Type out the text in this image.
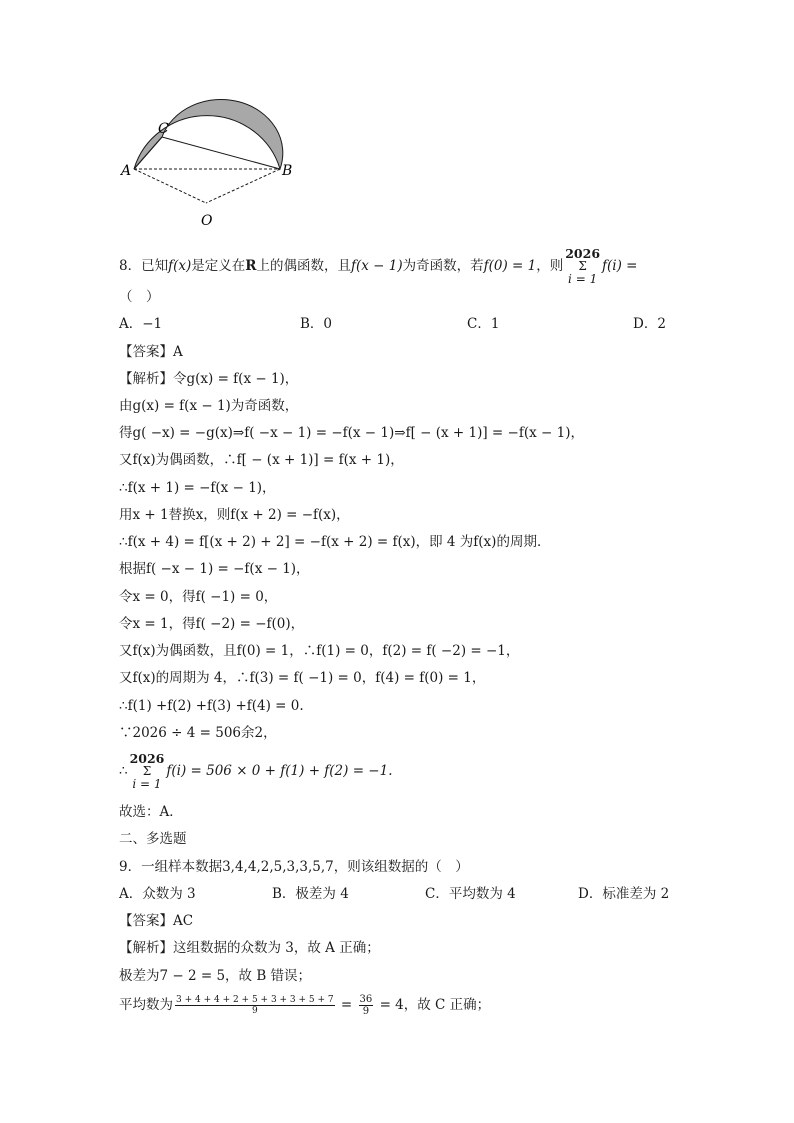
A	B
C
O
8．已知f(x)是定义在R上的偶函数，且f(x − 1)为奇函数，若f(0) = 1，则
2026
Σ
i = 1
f(i) =
（　）
A．−1	B．0	C．1	D．2
【答案】A
【解析】令g(x) = f(x − 1)，
由g(x) = f(x − 1)为奇函数，
得g( −x) = −g(x)⇒f( −x − 1) = −f(x − 1)⇒f[ − (x + 1)] = −f(x − 1)，
又f(x)为偶函数，∴f[ − (x + 1)] = f(x + 1)，
∴f(x + 1) = −f(x − 1)，
用x + 1替换x，则f(x + 2) = −f(x)，
∴f(x + 4) = f[(x + 2) + 2] = −f(x + 2) = f(x)，即 4 为f(x)的周期．
根据f( −x − 1) = −f(x − 1)，
令x = 0，得f( −1) = 0，
令x = 1，得f( −2) = −f(0)，
又f(x)为偶函数，且f(0) = 1，∴f(1) = 0，f(2) = f( −2) = −1，
又f(x)的周期为 4，∴f(3) = f( −1) = 0，f(4) = f(0) = 1，
∴f(1) +f(2) +f(3) +f(4) = 0.
∵2026 ÷ 4 = 506余2，
∴
2026
Σ
i = 1
f(i) = 506 × 0 + f(1) + f(2) = −1.
故选：A．
二、多选题
9．一组样本数据3,4,4,2,5,3,3,5,7，则该组数据的（　）
A．众数为 3	B．极差为 4	C．平均数为 4	D．标准差为 2
【答案】AC
【解析】这组数据的众数为 3，故 A 正确；
极差为7 − 2 = 5，故 B 错误；
平均数为 $\frac{3 + 4 + 4 + 2 + 5 + 3 + 3 + 5 + 7}{9} = \frac{36}{9} = 4$，故 C 正确；
